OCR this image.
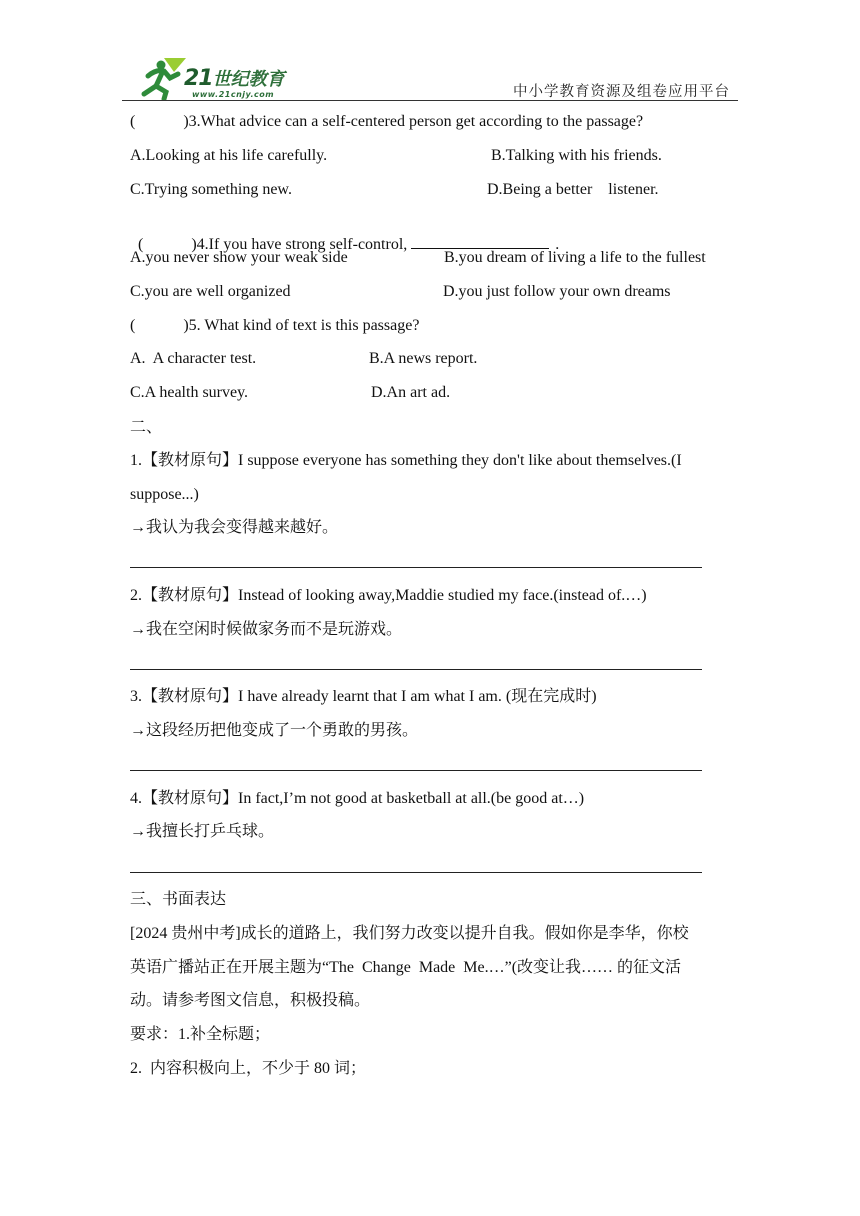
21世纪教育
www.21cnjy.com	中小学教育资源及组卷应用平台
(            )3.What advice can a self-centered person get according to the passage?
A.Looking at his life carefully.	B.Talking with his friends.
C.Trying something new.	D.Being a better    listener.

(            )4.If you have strong self-control,	.

A.you never show your weak side	B.you dream of living a life to the fullest
C.you are well organized	D.you just follow your own dreams
(            )5. What kind of text is this passage?
A.  A character test.	B.A news report.
C.A health survey.	D.An art ad.
二、
1.【教材原句】I suppose everyone has something they don't like about themselves.(I
suppose...)
→我认为我会变得越来越好。
2.【教材原句】Instead of looking away,Maddie studied my face.(instead of.…)
→我在空闲时候做家务而不是玩游戏。
3.【教材原句】I have already learnt that I am what I am. (现在完成时)
→这段经历把他变成了一个勇敢的男孩。
4.【教材原句】In fact,I’m not good at basketball at all.(be good at…)
→我擅长打乒乓球。
三、书面表达
[2024 贵州中考]成长的道路上，我们努力改变以提升自我。假如你是李华，你校
英语广播站正在开展主题为“The  Change  Made  Me.…”(改变让我…… 的征文活
动。请参考图文信息，积极投稿。
要求：1.补全标题；
2.  内容积极向上，不少于 80 词；
